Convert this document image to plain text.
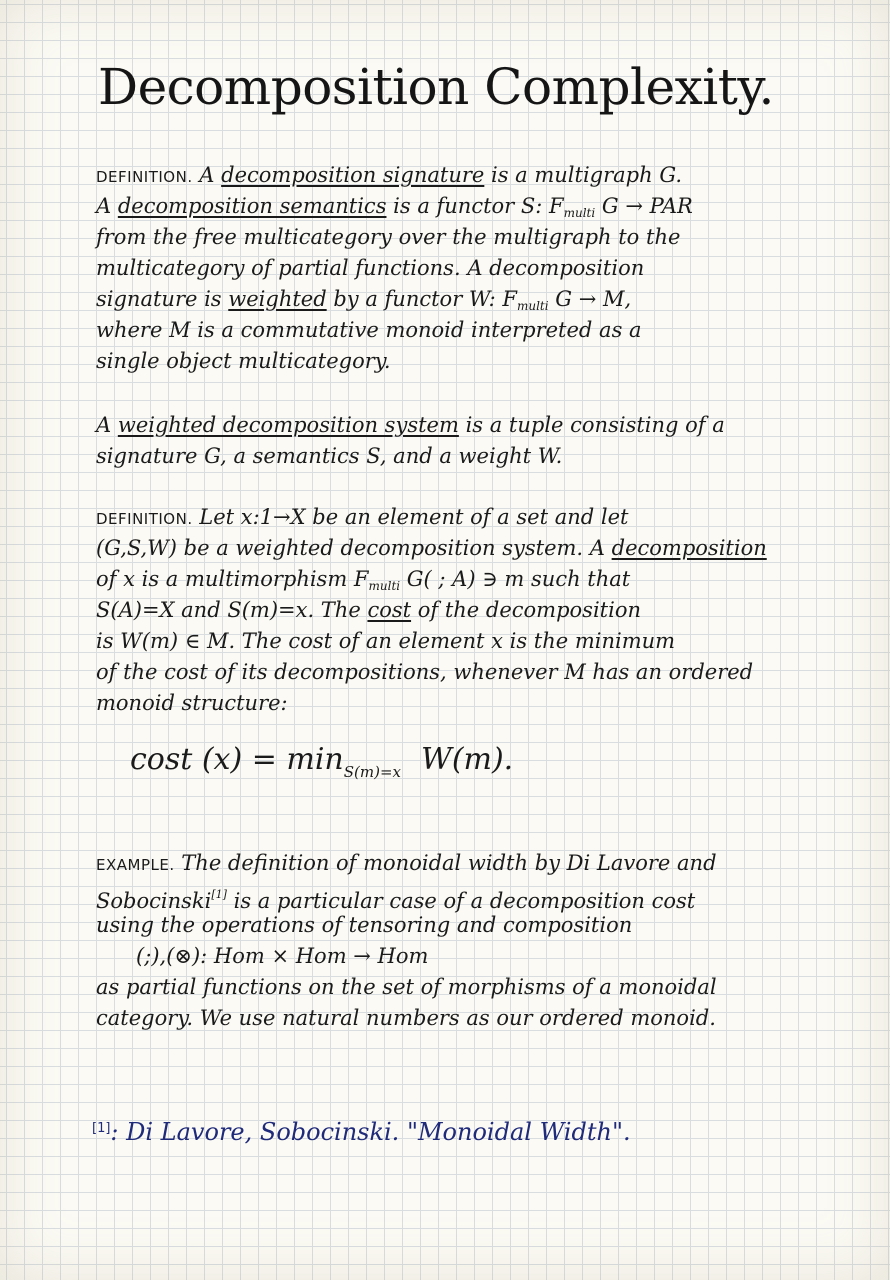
Decomposition Complexity.
DEFINITION. A decomposition signature is a multigraph G.
A decomposition semantics is a functor S: $F_{multi}$ G → PAR
from the free multicategory over the multigraph to the
multicategory of partial functions. A decomposition
signature is weighted by a functor W: $F_{multi}$ G → M,
where M is a commutative monoid interpreted as a
single object multicategory.
A weighted decomposition system is a tuple consisting of a
signature G, a semantics S, and a weight W.
DEFINITION. Let x:1→X be an element of a set and let
(G,S,W) be a weighted decomposition system. A decomposition
of x is a multimorphism $F_{multi}$ G( ; A) ∋ m such that
S(A)=X and S(m)=x. The cost of the decomposition
is W(m) ∈ M. The cost of an element x is the minimum
of the cost of its decompositions, whenever M has an ordered
monoid structure:
cost $(x) = \min_{S(m)=x} W(m)$.
EXAMPLE. The definition of monoidal width by Di Lavore and
Sobocinski[1] is a particular case of a decomposition cost
using the operations of tensoring and composition
(;),(⊗): Hom × Hom → Hom
as partial functions on the set of morphisms of a monoidal
category. We use natural numbers as our ordered monoid.
[1]: Di Lavore, Sobocinski. "Monoidal Width".
